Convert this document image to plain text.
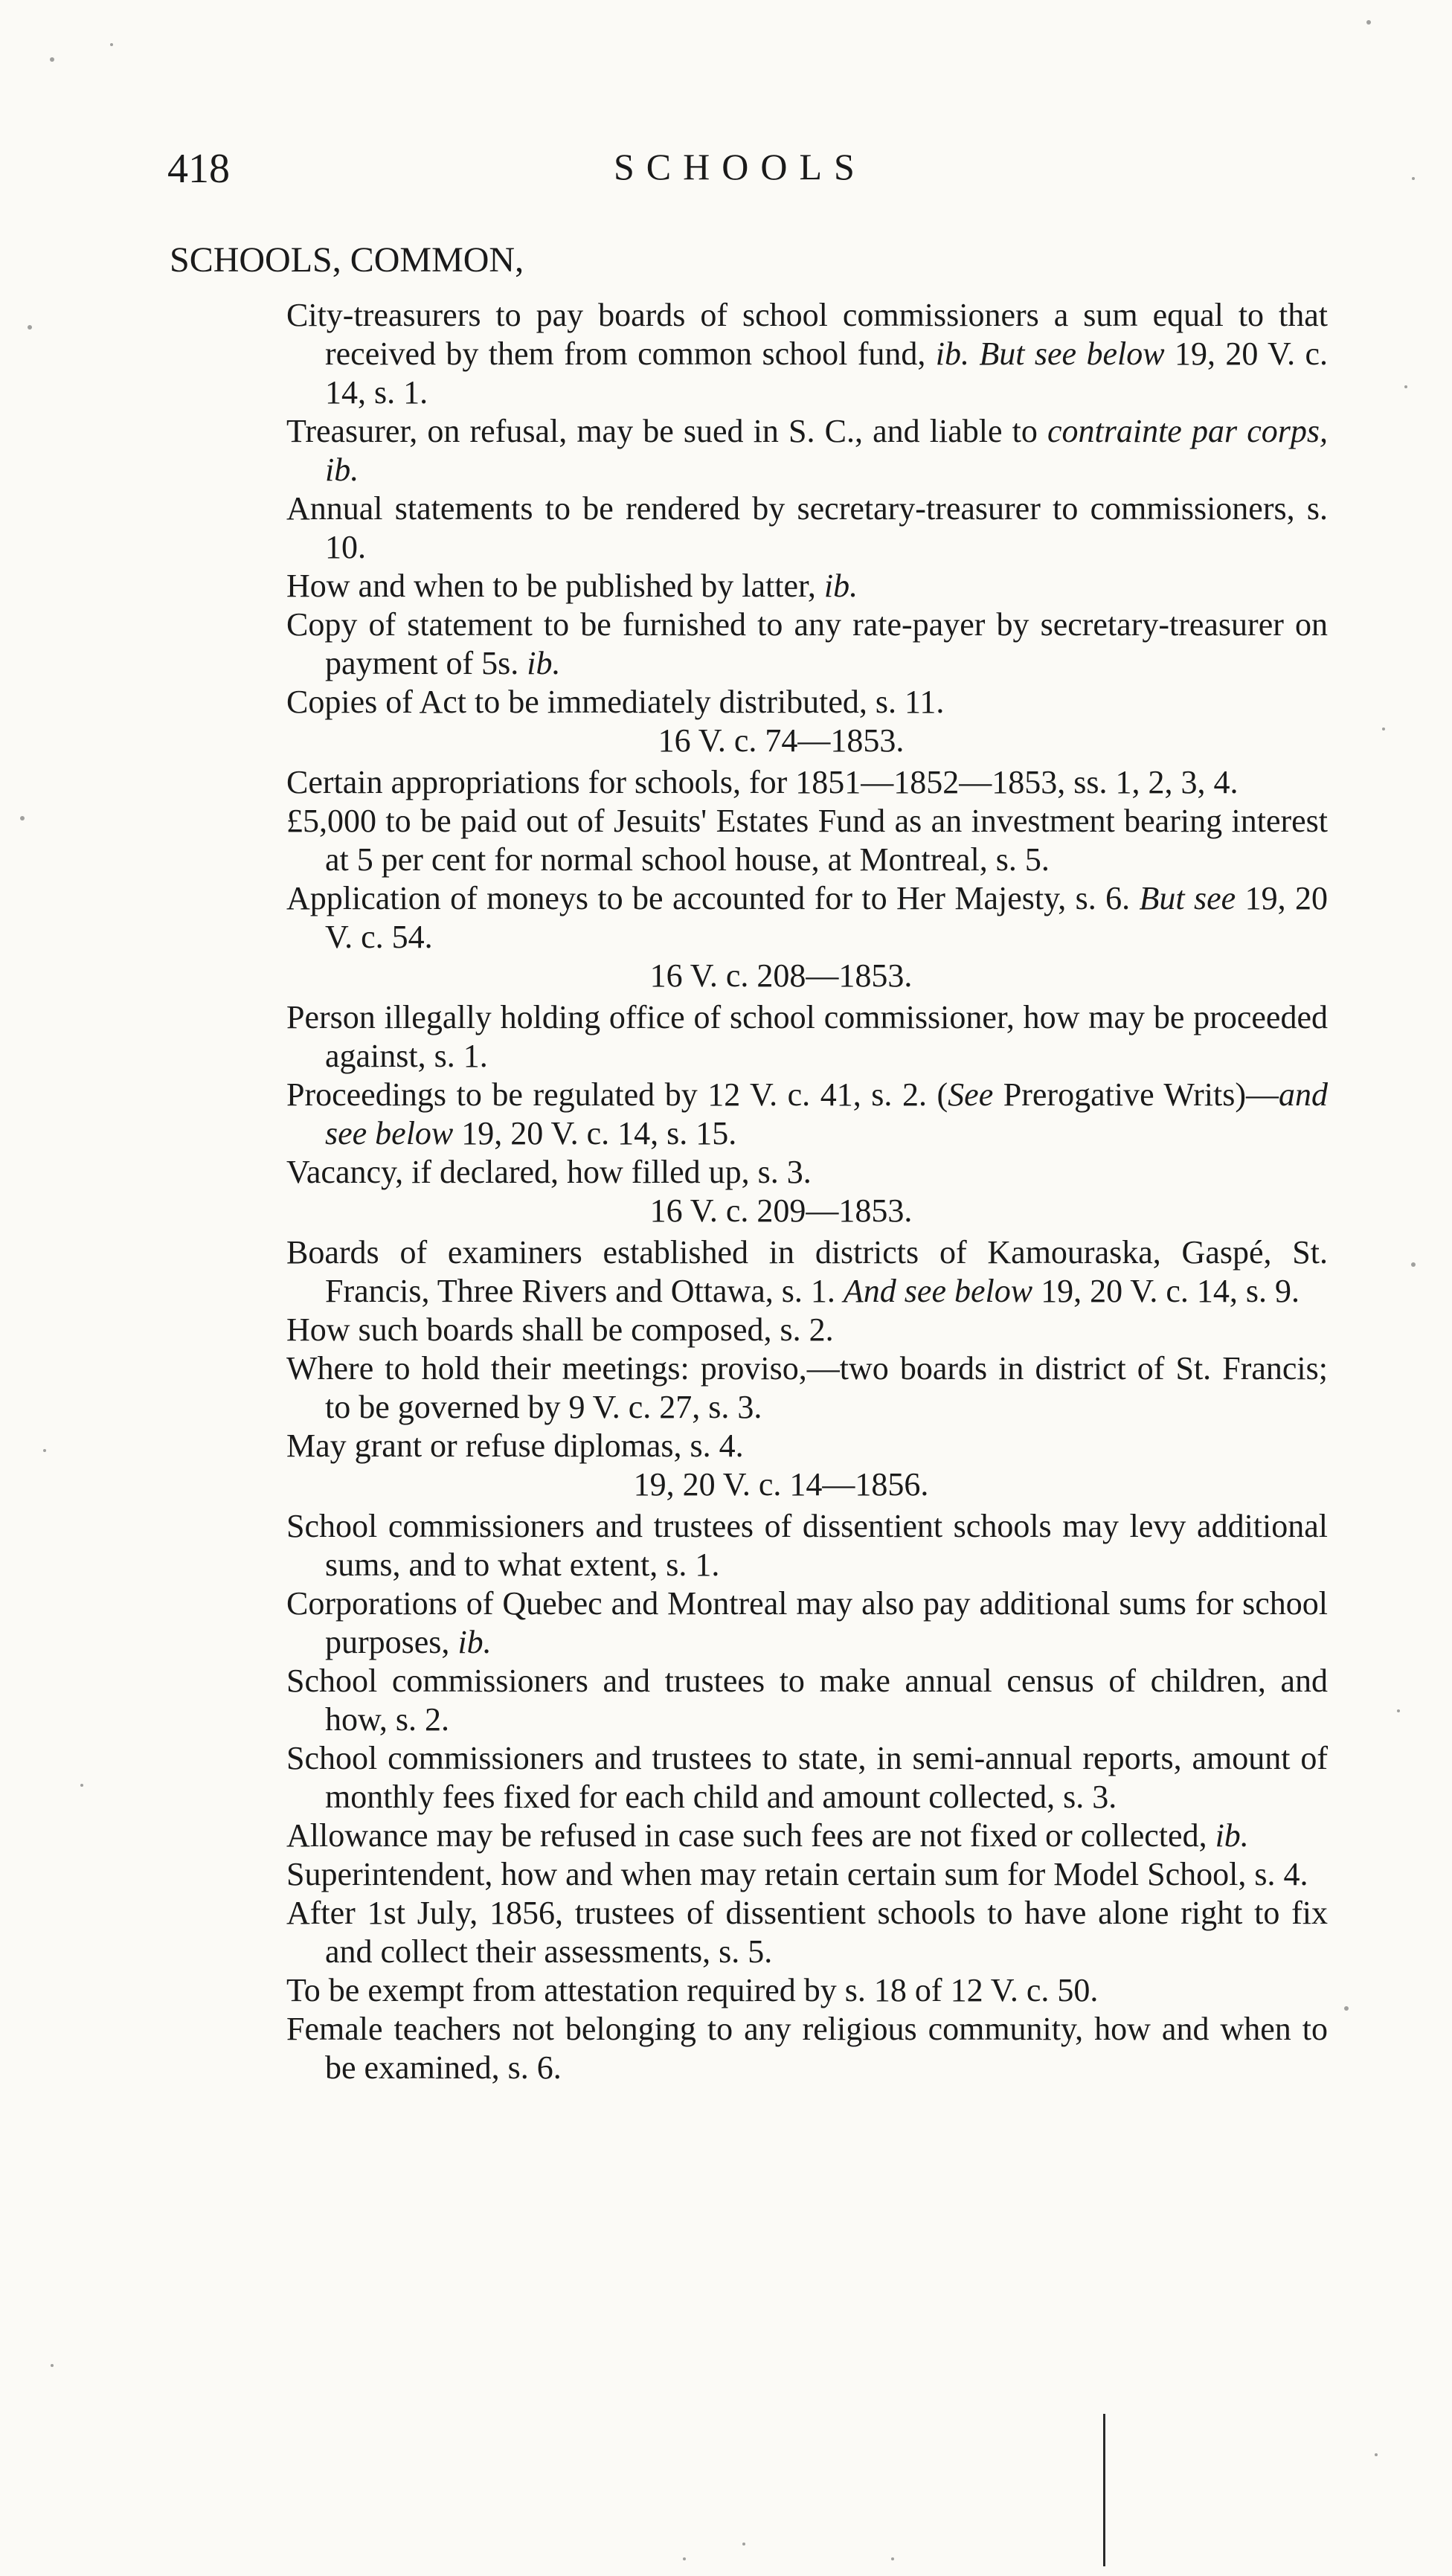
418	SCHOOLS
SCHOOLS, COMMON,

City-treasurers to pay boards of school commissioners a sum equal to that received by them from common school fund, ib. But see below 19, 20 V. c. 14, s. 1.

Treasurer, on refusal, may be sued in S. C., and liable to contrainte par corps, ib.

Annual statements to be rendered by secretary-treasurer to commissioners, s. 10.

How and when to be published by latter, ib.

Copy of statement to be furnished to any rate-payer by secretary-treasurer on payment of 5s. ib.

Copies of Act to be immediately distributed, s. 11.

16 V. c. 74—1853.

Certain appropriations for schools, for 1851—1852—1853, ss. 1, 2, 3, 4.

£5,000 to be paid out of Jesuits' Estates Fund as an investment bearing interest at 5 per cent for normal school house, at Montreal, s. 5.

Application of moneys to be accounted for to Her Majesty, s. 6. But see 19, 20 V. c. 54.

16 V. c. 208—1853.

Person illegally holding office of school commissioner, how may be proceeded against, s. 1.

Proceedings to be regulated by 12 V. c. 41, s. 2. (See Prerogative Writs)—and see below 19, 20 V. c. 14, s. 15.

Vacancy, if declared, how filled up, s. 3.

16 V. c. 209—1853.

Boards of examiners established in districts of Kamouraska, Gaspé, St. Francis, Three Rivers and Ottawa, s. 1. And see below 19, 20 V. c. 14, s. 9.

How such boards shall be composed, s. 2.

Where to hold their meetings: proviso,—two boards in district of St. Francis; to be governed by 9 V. c. 27, s. 3.

May grant or refuse diplomas, s. 4.

19, 20 V. c. 14—1856.

School commissioners and trustees of dissentient schools may levy additional sums, and to what extent, s. 1.

Corporations of Quebec and Montreal may also pay additional sums for school purposes, ib.

School commissioners and trustees to make annual census of children, and how, s. 2.

School commissioners and trustees to state, in semi-annual reports, amount of monthly fees fixed for each child and amount collected, s. 3.

Allowance may be refused in case such fees are not fixed or collected, ib.

Superintendent, how and when may retain certain sum for Model School, s. 4.

After 1st July, 1856, trustees of dissentient schools to have alone right to fix and collect their assessments, s. 5.

To be exempt from attestation required by s. 18 of 12 V. c. 50.

Female teachers not belonging to any religious community, how and when to be examined, s. 6.
